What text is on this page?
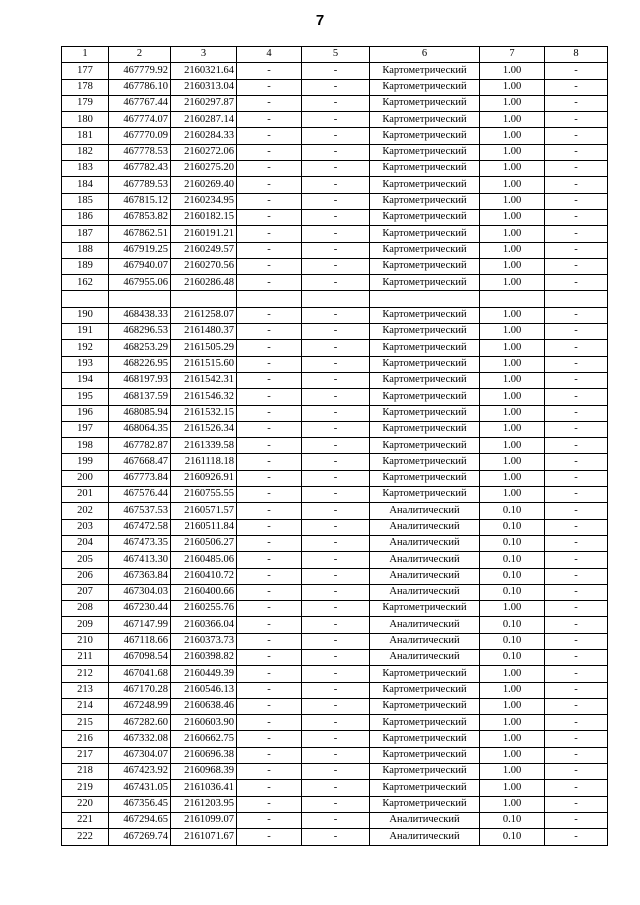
7
1	2	3	4	5	6	7	8
177	467779.92	2160321.64	-	-	Картометрический	1.00	-
178	467786.10	2160313.04	-	-	Картометрический	1.00	-
179	467767.44	2160297.87	-	-	Картометрический	1.00	-
180	467774.07	2160287.14	-	-	Картометрический	1.00	-
181	467770.09	2160284.33	-	-	Картометрический	1.00	-
182	467778.53	2160272.06	-	-	Картометрический	1.00	-
183	467782.43	2160275.20	-	-	Картометрический	1.00	-
184	467789.53	2160269.40	-	-	Картометрический	1.00	-
185	467815.12	2160234.95	-	-	Картометрический	1.00	-
186	467853.82	2160182.15	-	-	Картометрический	1.00	-
187	467862.51	2160191.21	-	-	Картометрический	1.00	-
188	467919.25	2160249.57	-	-	Картометрический	1.00	-
189	467940.07	2160270.56	-	-	Картометрический	1.00	-
162	467955.06	2160286.48	-	-	Картометрический	1.00	-

190	468438.33	2161258.07	-	-	Картометрический	1.00	-
191	468296.53	2161480.37	-	-	Картометрический	1.00	-
192	468253.29	2161505.29	-	-	Картометрический	1.00	-
193	468226.95	2161515.60	-	-	Картометрический	1.00	-
194	468197.93	2161542.31	-	-	Картометрический	1.00	-
195	468137.59	2161546.32	-	-	Картометрический	1.00	-
196	468085.94	2161532.15	-	-	Картометрический	1.00	-
197	468064.35	2161526.34	-	-	Картометрический	1.00	-
198	467782.87	2161339.58	-	-	Картометрический	1.00	-
199	467668.47	2161118.18	-	-	Картометрический	1.00	-
200	467773.84	2160926.91	-	-	Картометрический	1.00	-
201	467576.44	2160755.55	-	-	Картометрический	1.00	-
202	467537.53	2160571.57	-	-	Аналитический	0.10	-
203	467472.58	2160511.84	-	-	Аналитический	0.10	-
204	467473.35	2160506.27	-	-	Аналитический	0.10	-
205	467413.30	2160485.06	-	-	Аналитический	0.10	-
206	467363.84	2160410.72	-	-	Аналитический	0.10	-
207	467304.03	2160400.66	-	-	Аналитический	0.10	-
208	467230.44	2160255.76	-	-	Картометрический	1.00	-
209	467147.99	2160366.04	-	-	Аналитический	0.10	-
210	467118.66	2160373.73	-	-	Аналитический	0.10	-
211	467098.54	2160398.82	-	-	Аналитический	0.10	-
212	467041.68	2160449.39	-	-	Картометрический	1.00	-
213	467170.28	2160546.13	-	-	Картометрический	1.00	-
214	467248.99	2160638.46	-	-	Картометрический	1.00	-
215	467282.60	2160603.90	-	-	Картометрический	1.00	-
216	467332.08	2160662.75	-	-	Картометрический	1.00	-
217	467304.07	2160696.38	-	-	Картометрический	1.00	-
218	467423.92	2160968.39	-	-	Картометрический	1.00	-
219	467431.05	2161036.41	-	-	Картометрический	1.00	-
220	467356.45	2161203.95	-	-	Картометрический	1.00	-
221	467294.65	2161099.07	-	-	Аналитический	0.10	-
222	467269.74	2161071.67	-	-	Аналитический	0.10	-
